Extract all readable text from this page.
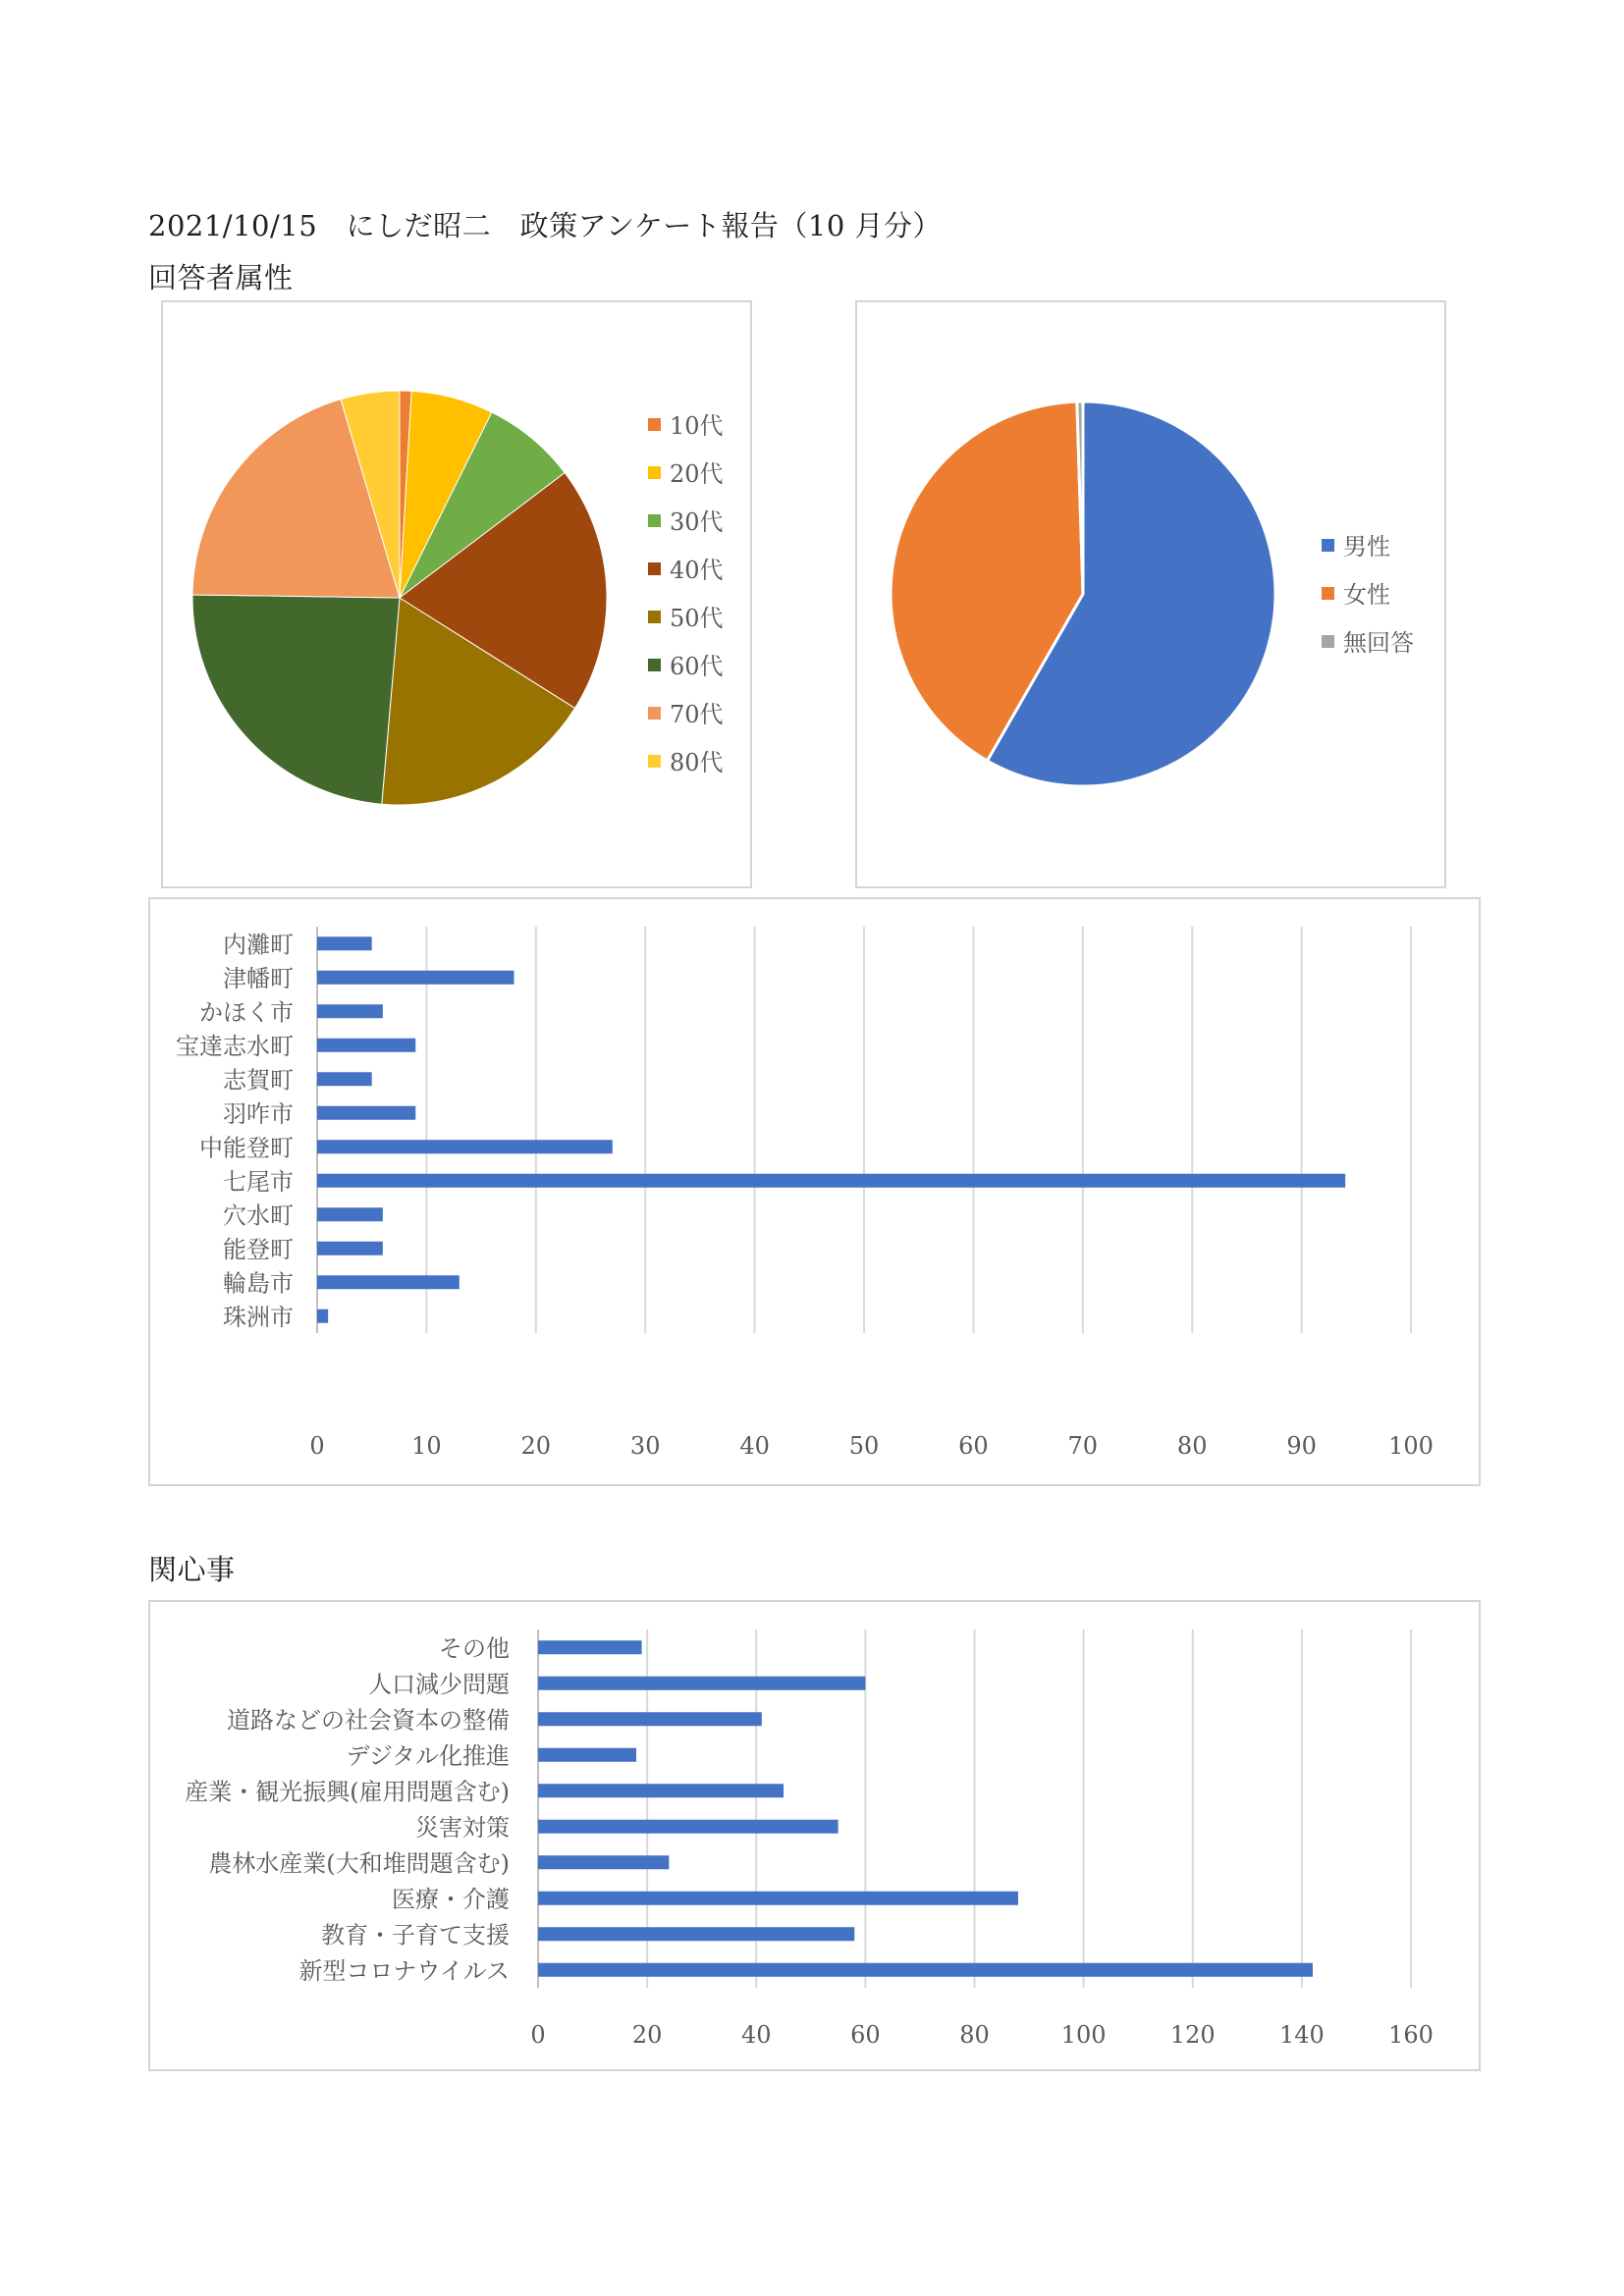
2021/10/15　にしだ昭二　政策アンケート報告（10 月分）
回答者属性
10代
20代
30代
40代
50代
60代
70代
80代
男性
女性
無回答
0	10	20	30	40	50	60	70	80	90	100
内灘町
津幡町
かほく市
宝達志水町
志賀町
羽咋市
中能登町
七尾市
穴水町
能登町
輪島市
珠洲市
関心事
0	20	40	60	80	100	120	140	160
その他
人口減少問題
道路などの社会資本の整備
デジタル化推進
産業・観光振興(雇用問題含む)
災害対策
農林水産業(大和堆問題含む)
医療・介護
教育・子育て支援
新型コロナウイルス
